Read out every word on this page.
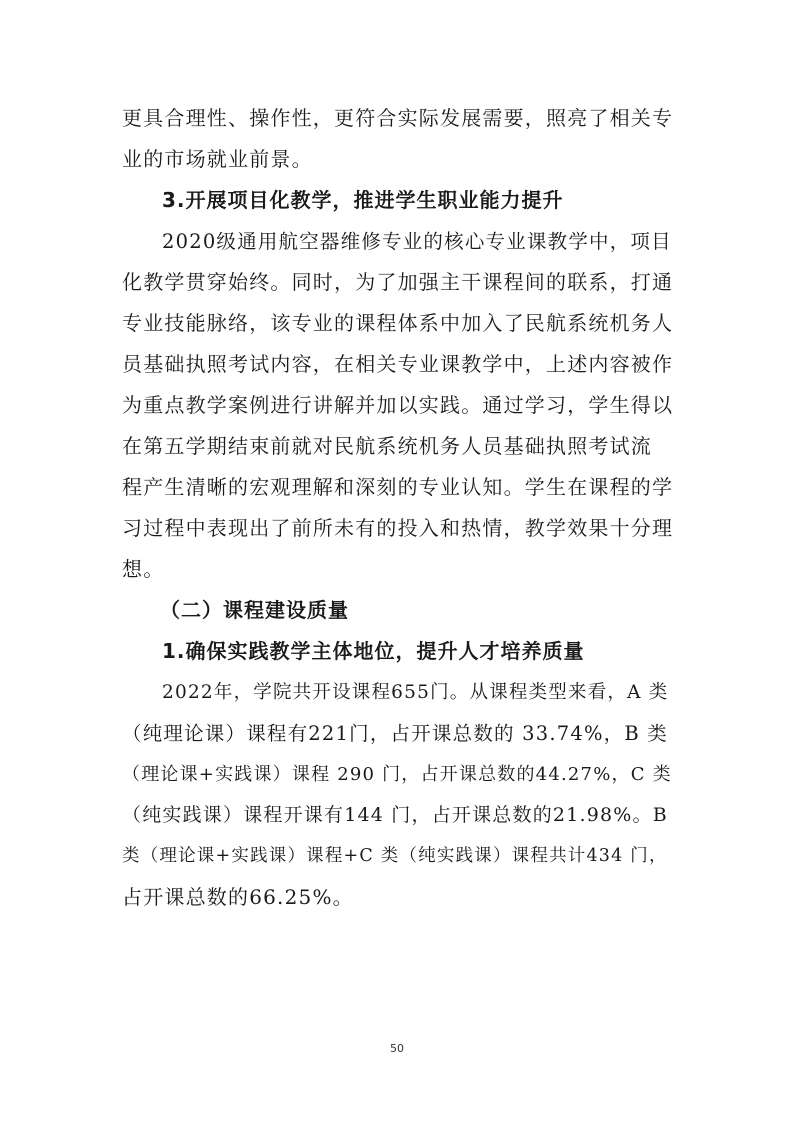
更具合理性、操作性，更符合实际发展需要，照亮了相关专
业的市场就业前景。

3.开展项目化教学，推进学生职业能力提升

2020级通用航空器维修专业的核心专业课教学中，项目
化教学贯穿始终。同时，为了加强主干课程间的联系，打通
专业技能脉络，该专业的课程体系中加入了民航系统机务人
员基础执照考试内容，在相关专业课教学中，上述内容被作
为重点教学案例进行讲解并加以实践。通过学习，学生得以
在第五学期结束前就对民航系统机务人员基础执照考试流
程产生清晰的宏观理解和深刻的专业认知。学生在课程的学
习过程中表现出了前所未有的投入和热情，教学效果十分理
想。

（二）课程建设质量
1.确保实践教学主体地位，提升人才培养质量

2022年，学院共开设课程655门。从课程类型来看，A 类
（纯理论课）课程有221门，占开课总数的 33.74%，B 类
（理论课+实践课）课程 290 门，占开课总数的44.27%，C 类
（纯实践课）课程开课有144 门，占开课总数的21.98%。B
类（理论课+实践课）课程+C 类（纯实践课）课程共计434 门，
占开课总数的66.25%。

50
